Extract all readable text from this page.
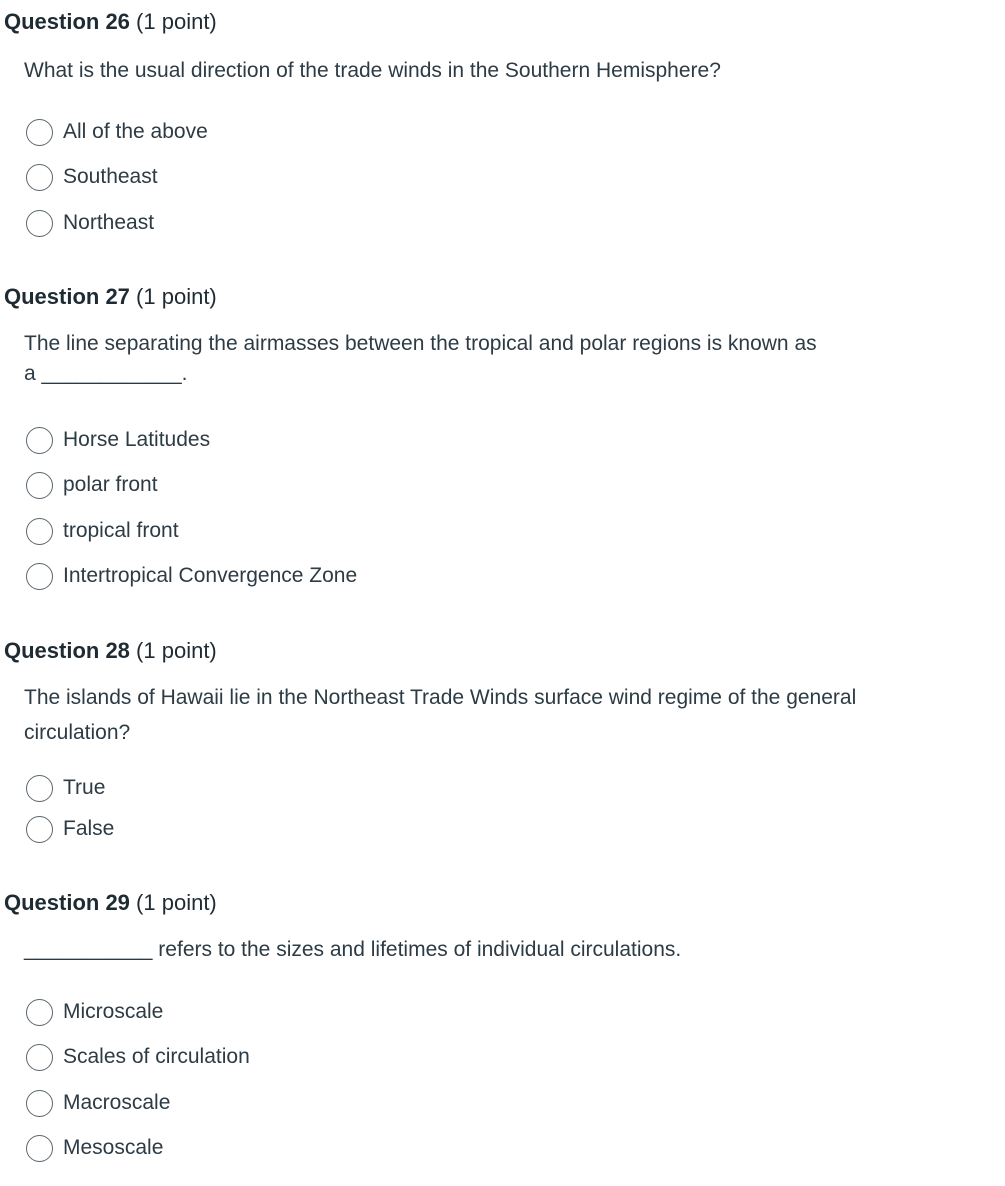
Question 26 (1 point)
What is the usual direction of the trade winds in the Southern Hemisphere?
All of the above
Southeast
Northeast
Question 27 (1 point)
The line separating the airmasses between the tropical and polar regions is known as
a ____________.
Horse Latitudes
polar front
tropical front
Intertropical Convergence Zone
Question 28 (1 point)
The islands of Hawaii lie in the Northeast Trade Winds surface wind regime of the general circulation?
True
False
Question 29 (1 point)
___________ refers to the sizes and lifetimes of individual circulations.
Microscale
Scales of circulation
Macroscale
Mesoscale
